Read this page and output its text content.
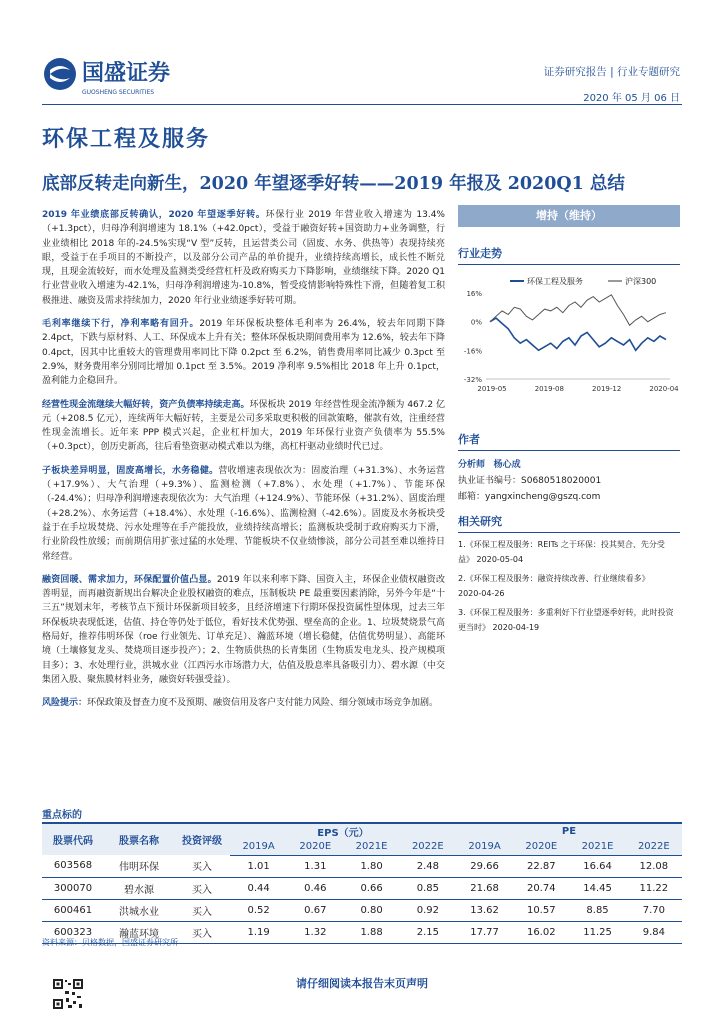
国盛证券
GUOSHENG SECURITIES
证券研究报告 | 行业专题研究
2020 年 05 月 06 日
环保工程及服务
底部反转走向新生，2020 年望逐季好转——2019 年报及 2020Q1 总结

2019 年业绩底部反转确认，2020 年望逐季好转。环保行业 2019 年营业收入增速为 13.4%（+1.3pct），归母净利润增速为 18.1%（+42.0pct），受益于融资好转+国资助力+业务调整，行业业绩相比 2018 年的-24.5%实现“V 型”反转，且运营类公司（固废、水务、供热等）表现持续亮眼，受益于在手项目的不断投产，以及部分公司产品的单价提升，业绩持续高增长，成长性不断兑现，且现金流较好，而水处理及监测类受经营杠杆及政府购买力下降影响，业绩继续下降。2020 Q1 行业营业收入增速为-42.1%，归母净利润增速为-10.8%，暂受疫情影响特殊性下滑，但随着复工积极推进、融资及需求持续加力，2020 年行业业绩逐季好转可期。

毛利率继续下行，净利率略有回升。2019 年环保板块整体毛利率为 26.4%，较去年同期下降 2.4pct，下跌与原材料、人工、环保成本上升有关；整体环保板块期间费用率为 12.6%，较去年下降 0.4pct，因其中比重较大的管理费用率同比下降 0.2pct 至 6.2%，销售费用率同比减少 0.3pct 至 2.9%，财务费用率分别同比增加 0.1pct 至 3.5%。2019 净利率 9.5%相比 2018 年上升 0.1pct，盈利能力企稳回升。

经营性现金流继续大幅好转，资产负债率持续走高。环保板块 2019 年经营性现金流净额为 467.2 亿元（+208.5 亿元），连续两年大幅好转，主要是公司多采取更积极的回款策略，催款有效，注重经营性现金流增长。近年来 PPP 模式兴起，企业杠杆加大，2019 年环保行业资产负债率为 55.5%（+0.3pct），创历史新高，往后看垫资驱动模式难以为继，高杠杆驱动业绩时代已过。

子板块差异明显，固废高增长，水务稳健。营收增速表现依次为：固废治理（+31.3%）、水务运营（+17.9%）、大气治理（+9.3%）、监测检测（+7.8%）、水处理（+1.7%）、节能环保（-24.4%）；归母净利润增速表现依次为：大气治理（+124.9%）、节能环保（+31.2%）、固废治理（+28.2%）、水务运营（+18.4%）、水处理（-16.6%）、监测检测（-42.6%）。固废及水务板块受益于在手垃圾焚烧、污水处理等在手产能投放，业绩持续高增长；监测板块受制于政府购买力下滑，行业阶段性放缓；而前期信用扩张过猛的水处理、节能板块不仅业绩惨淡，部分公司甚至难以维持日常经营。

融资回暖、需求加力，环保配置价值凸显。2019 年以来利率下降、国资入主，环保企业债权融资改善明显，而再融资新规出台解决企业股权融资的难点，压制板块 PE 最重要因素消除，另外今年是“十三五”规划末年，考核节点下预计环保新项目较多，且经济增速下行期环保投资属性望体现，过去三年环保板块表现低迷，估值、持仓等仍处于低位，看好技术优势强、壁垒高的企业。1、垃圾焚烧景气高格局好，推荐伟明环保（roe 行业领先、订单充足）、瀚蓝环境（增长稳健，估值优势明显）、高能环境（土壤修复龙头、焚烧项目逐步投产）；2、生物质供热的长青集团（生物质发电龙头、投产规模项目多）；3、水处理行业，洪城水业（江西污水市场潜力大，估值及股息率具备吸引力）、碧水源（中交集团入股、聚焦膜材料业务，融资好转强受益）。

风险提示：环保政策及督查力度不及预期、融资信用及客户支付能力风险、细分领域市场竞争加剧。

增持（维持）
行业走势
16%
0%
-16%
-32%
2019-05	2019-08	2019-12	2020-04
环保工程及服务	沪深300
作者
分析师 杨心成
执业证书编号：S0680518020001
邮箱：yangxincheng@gszq.com
相关研究
1.《环保工程及服务：REITs 之于环保：投其契合、先分受益》 2020-05-04
2.《环保工程及服务：融资持续改善、行业继续看多》
2020-04-26
3.《环保工程及服务：多重利好下行业望逐季好转，此时投资更当时》 2020-04-19
重点标的
股票代码	股票名称	投资评级	EPS（元）				PE			
			2019A	2020E	2021E	2022E	2019A	2020E	2021E	2022E
603568	伟明环保	买入	1.01	1.31	1.80	2.48	29.66	22.87	16.64	12.08
300070	碧水源	买入	0.44	0.46	0.66	0.85	21.68	20.74	14.45	11.22
600461	洪城水业	买入	0.52	0.67	0.80	0.92	13.62	10.57	8.85	7.70
600323	瀚蓝环境	买入	1.19	1.32	1.88	2.15	17.77	16.02	11.25	9.84
资料来源：贝格数据，国盛证券研究所
请仔细阅读本报告末页声明
